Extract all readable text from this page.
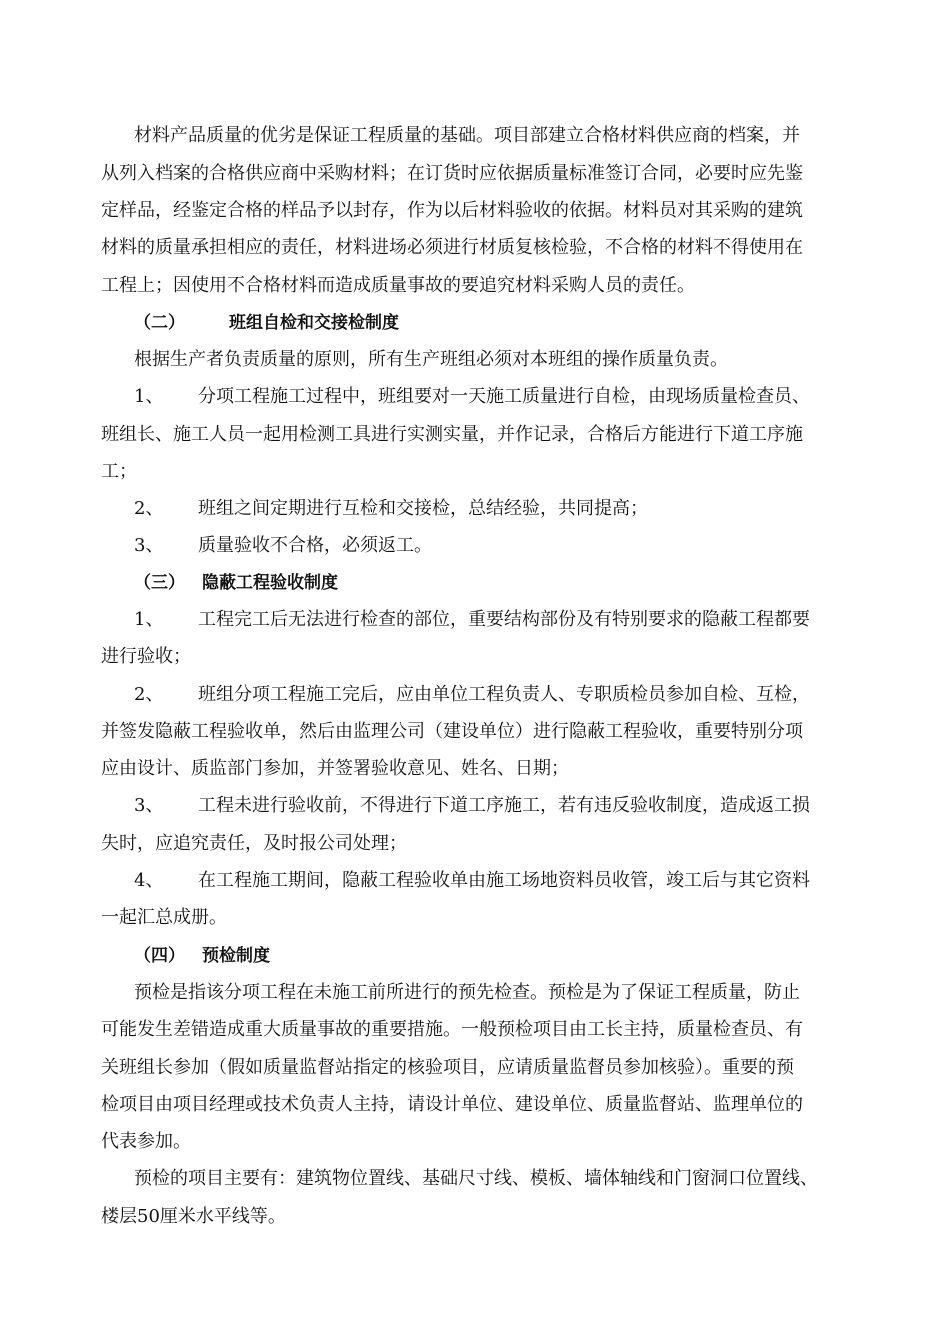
材料产品质量的优劣是保证工程质量的基础。项目部建立合格材料供应商的档案，并
从列入档案的合格供应商中采购材料；在订货时应依据质量标准签订合同，必要时应先鉴
定样品，经鉴定合格的样品予以封存，作为以后材料验收的依据。材料员对其采购的建筑
材料的质量承担相应的责任，材料进场必须进行材质复核检验，不合格的材料不得使用在
工程上；因使用不合格材料而造成质量事故的要追究材料采购人员的责任。
（二）	班组自检和交接检制度
根据生产者负责质量的原则，所有生产班组必须对本班组的操作质量负责。
1、 分项工程施工过程中，班组要对一天施工质量进行自检，由现场质量检查员、
班组长、施工人员一起用检测工具进行实测实量，并作记录，合格后方能进行下道工序施
工；
2、 班组之间定期进行互检和交接检，总结经验，共同提高；
3、 质量验收不合格，必须返工。
（三） 隐蔽工程验收制度
1、 工程完工后无法进行检查的部位，重要结构部份及有特别要求的隐蔽工程都要
进行验收；
2、 班组分项工程施工完后，应由单位工程负责人、专职质检员参加自检、互检，
并签发隐蔽工程验收单，然后由监理公司（建设单位）进行隐蔽工程验收，重要特别分项
应由设计、质监部门参加，并签署验收意见、姓名、日期；
3、 工程未进行验收前，不得进行下道工序施工，若有违反验收制度，造成返工损
失时，应追究责任，及时报公司处理；
4、 在工程施工期间，隐蔽工程验收单由施工场地资料员收管，竣工后与其它资料
一起汇总成册。
（四） 预检制度
预检是指该分项工程在未施工前所进行的预先检查。预检是为了保证工程质量，防止
可能发生差错造成重大质量事故的重要措施。一般预检项目由工长主持，质量检查员、有
关班组长参加（假如质量监督站指定的核验项目，应请质量监督员参加核验）。重要的预
检项目由项目经理或技术负责人主持，请设计单位、建设单位、质量监督站、监理单位的
代表参加。
预检的项目主要有：建筑物位置线、基础尺寸线、模板、墙体轴线和门窗洞口位置线、
楼层50厘米水平线等。
